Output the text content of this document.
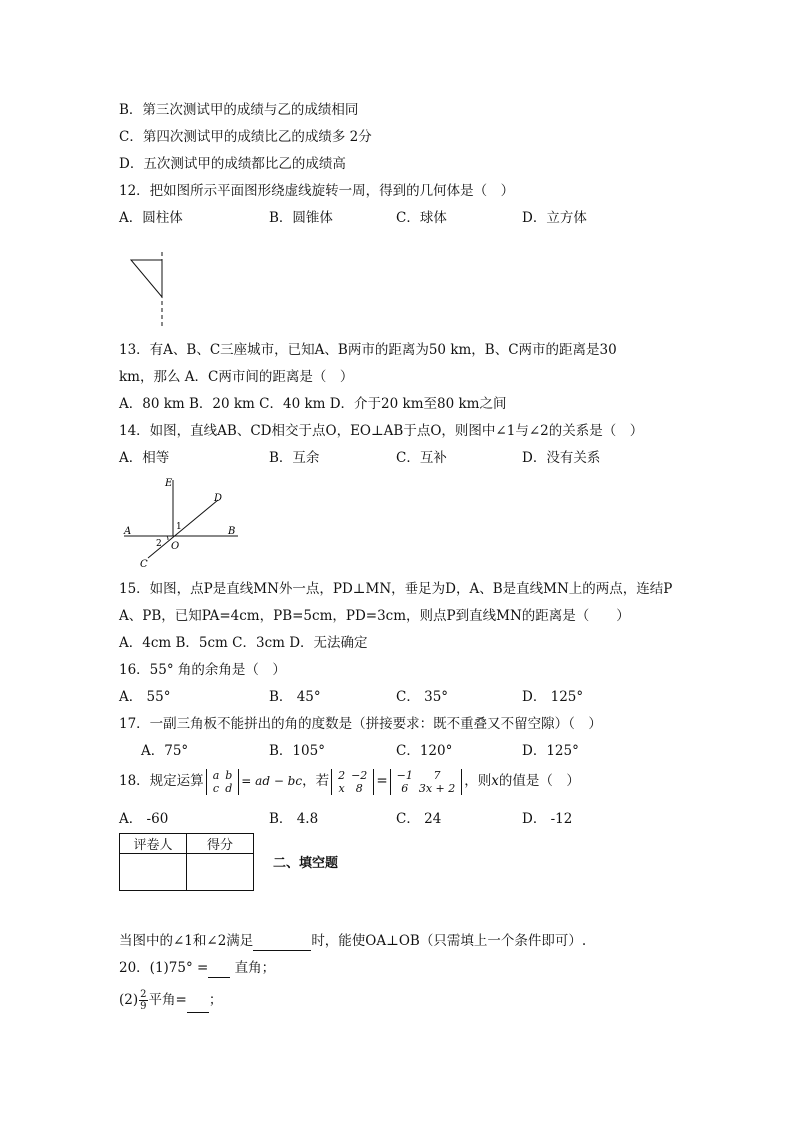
B．第三次测试甲的成绩与乙的成绩相同
C．第四次测试甲的成绩比乙的成绩多 2分
D．五次测试甲的成绩都比乙的成绩高
12．把如图所示平面图形绕虚线旋转一周，得到的几何体是（　）
A．圆柱体	B．圆锥体	C．球体	D．立方体
13．有A、B、C三座城市，已知A、B两市的距离为50 km，B、C两市的距离是30
km，那么 A．C两市间的距离是（　）
A．80 km B．20 km C．40 km D．介于20 km至80 km之间
14．如图，直线AB、CD相交于点O，EO⊥AB于点O，则图中∠1与∠2的关系是（　）
A．相等	B．互余	C．互补	D．没有关系
E
D
A	B
O
C
1
2
15．如图，点P是直线MN外一点，PD⊥MN，垂足为D，A、B是直线MN上的两点，连结P
A、PB，已知PA=4cm，PB=5cm，PD=3cm，则点P到直线MN的距离是（　　）
A．4cm B．5cm C．3cm D．无法确定
16．55° 角的余角是（　）
A． 55°	B． 45°	C． 35°	D． 125°
17．一副三角板不能拼出的角的度数是（拼接要求：既不重叠又不留空隙）（　）
A．75°	B．105°	C．120°	D．125°
18．规定运算 a	b
c	d = ad − bc，若 2	−2
x	8 = −1	7
6	3x + 2 ，则x的值是（　）
A． -60	B． 4.8	C． 24	D． -12
评卷人	得分

二、填空题
当图中的∠1和∠2满足	时，能使OA⊥OB（只需填上一个条件即可）.
20．(1)75° = 直角；
$(2) \frac{2}{9}$ 平角= ；
